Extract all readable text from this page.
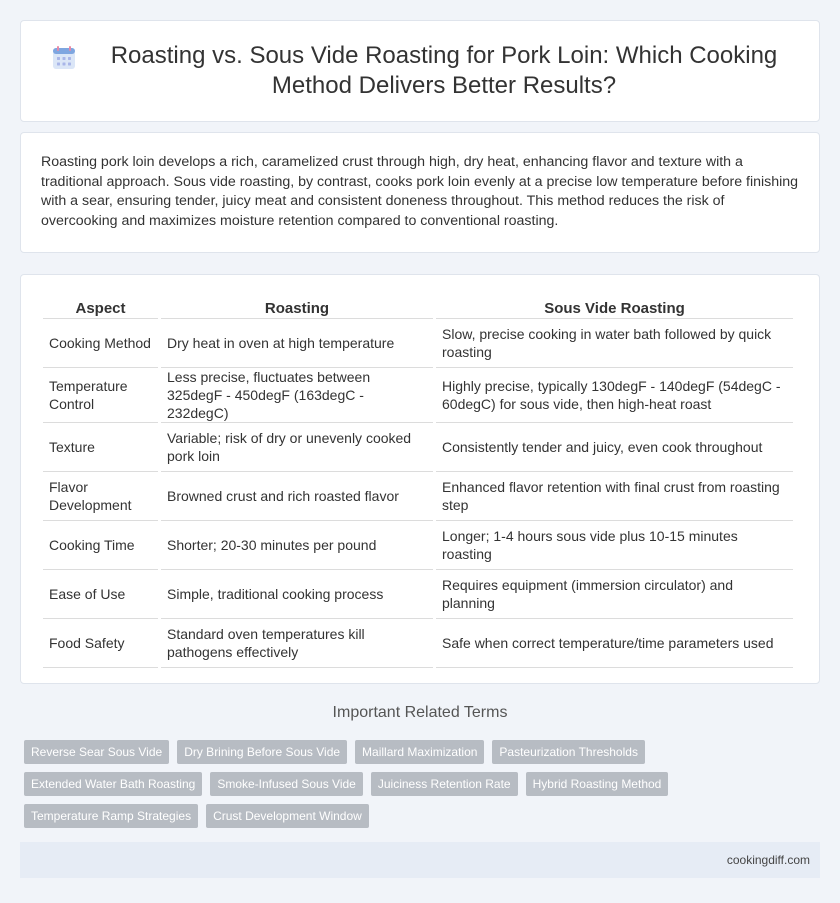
Roasting vs. Sous Vide Roasting for Pork Loin: Which Cooking Method Delivers Better Results?

Roasting pork loin develops a rich, caramelized crust through high, dry heat, enhancing flavor and texture with a traditional approach. Sous vide roasting, by contrast, cooks pork loin evenly at a precise low temperature before finishing with a sear, ensuring tender, juicy meat and consistent doneness throughout. This method reduces the risk of overcooking and maximizes moisture retention compared to conventional roasting.

Aspect	Roasting	Sous Vide Roasting
Cooking Method	Dry heat in oven at high temperature	Slow, precise cooking in water bath followed by quick roasting
Temperature Control	Less precise, fluctuates between 325degF - 450degF (163degC - 232degC)	Highly precise, typically 130degF - 140degF (54degC - 60degC) for sous vide, then high-heat roast
Texture	Variable; risk of dry or unevenly cooked pork loin	Consistently tender and juicy, even cook throughout
Flavor Development	Browned crust and rich roasted flavor	Enhanced flavor retention with final crust from roasting step
Cooking Time	Shorter; 20-30 minutes per pound	Longer; 1-4 hours sous vide plus 10-15 minutes roasting
Ease of Use	Simple, traditional cooking process	Requires equipment (immersion circulator) and planning
Food Safety	Standard oven temperatures kill pathogens effectively	Safe when correct temperature/time parameters used
Important Related Terms
Reverse Sear Sous Vide	Dry Brining Before Sous Vide	Maillard Maximization	Pasteurization Thresholds
Extended Water Bath Roasting	Smoke-Infused Sous Vide	Juiciness Retention Rate	Hybrid Roasting Method
Temperature Ramp Strategies	Crust Development Window
cookingdiff.com
